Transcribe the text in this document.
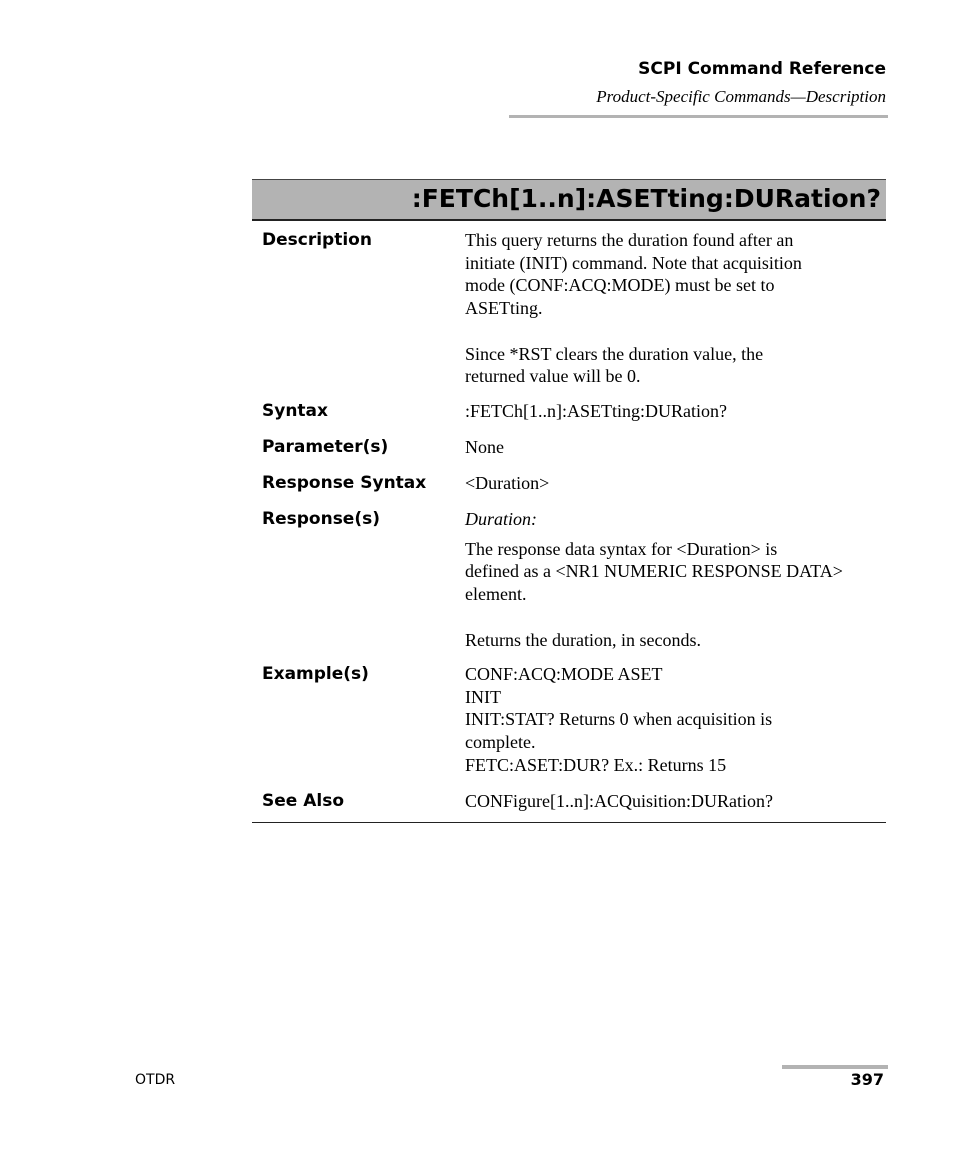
SCPI Command Reference
Product-Specific Commands—Description
:FETCh[1..n]:ASETting:DURation?
Description	This query returns the duration found after an

initiate (INIT) command. Note that acquisition

mode (CONF:ACQ:MODE) must be set to

ASETting.

Since *RST clears the duration value, the

returned value will be 0.

Syntax	:FETCh[1..n]:ASETting:DURation?
Parameter(s)	None
Response Syntax	<Duration>
Response(s)	Duration:

The response data syntax for <Duration> is

defined as a <NR1 NUMERIC RESPONSE DATA>

element.

Returns the duration, in seconds.

Example(s)	CONF:ACQ:MODE ASET

INIT

INIT:STAT? Returns 0 when acquisition is

complete.

FETC:ASET:DUR? Ex.: Returns 15

See Also	CONFigure[1..n]:ACQuisition:DURation?
OTDR	397
